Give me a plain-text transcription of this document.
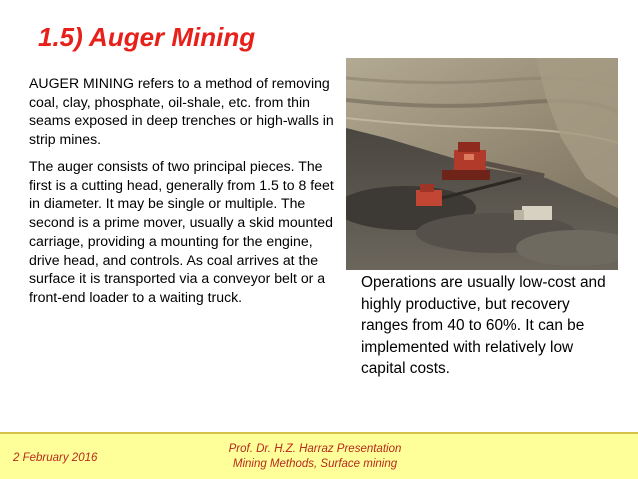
1.5) Auger Mining

AUGER MINING refers to a method of removing coal, clay, phosphate, oil-shale, etc. from thin seams exposed in deep trenches or high-walls in strip mines.

The auger consists of two principal pieces. The first is a cutting head, generally from 1.5 to 8 feet in diameter. It may be single or multiple. The second is a prime mover, usually a skid mounted carriage, providing a mounting for the engine, drive head, and controls. As coal arrives at the surface it is transported via a conveyor belt or a front-end loader to a waiting truck.

Operations are usually low-cost and highly productive, but recovery ranges from 40 to 60%. It can be implemented with relatively low capital costs.

2 February 2016
Prof. Dr. H.Z. Harraz Presentation
Mining Methods, Surface mining
